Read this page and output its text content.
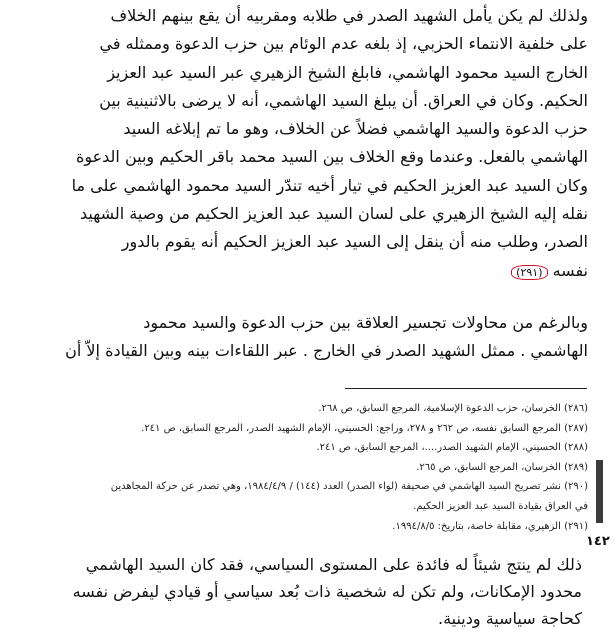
ولذلك لم يكن يأمل الشهيد الصدر في طلابه ومقربيه أن يقع بينهم الخلاف
على خلفية الانتماء الحزبي، إذ بلغه عدم الوئام بين حزب الدعوة وممثله في
الخارج السيد محمود الهاشمي، فابلغ الشيخ الزهيري عبر السيد عبد العزيز
الحكيم. وكان في العراق. أن يبلغ السيد الهاشمي، أنه لا يرضى بالاثنينية بين
حزب الدعوة والسيد الهاشمي فضلاً عن الخلاف، وهو ما تم إبلاغه السيد
الهاشمي بالفعل. وعندما وقع الخلاف بين السيد محمد باقر الحكيم وبين الدعوة
وكان السيد عبد العزيز الحكيم في تيار أخيه تندّر السيد محمود الهاشمي على ما
نقله إليه الشيخ الزهيري على لسان السيد عبد العزيز الحكيم من وصية الشهيد
الصدر، وطلب منه أن ينقل إلى السيد عبد العزيز الحكيم أنه يقوم بالدور
نفسه (٢٩١)
وبالرغم من محاولات تجسير العلاقة بين حزب الدعوة والسيد محمود
الهاشمي . ممثل الشهيد الصدر في الخارج . عبر اللقاءات بينه وبين القيادة إلاّ أن
(٢٨٦) الخرسان، حزب الدعوة الإسلامية، المرجع السابق، ص ٢٦٨.
(٢٨٧) المرجع السابق نفسه، ص ٢٦٢ و ٢٧٨، وراجع: الحسيني، الإمام الشهيد الصدر، المرجع السابق، ص ٢٤١.
(٢٨٨) الحسيني، الإمام الشهيد الصدر....، المرجع السابق، ص ٢٤١.
(٢٨٩) الخرسان، المرجع السابق، ص ٢٦٥.
(٢٩٠) نشر تصريح السيد الهاشمي في صحيفة (لواء الصدر) العدد (١٤٤) / ١٩٨٤/٤/٩، وهي تصدر عن حركة المجاهدين
في العراق بقيادة السيد عبد العزيز الحكيم.
(٢٩١) الزهيري، مقابلة خاصة، بتاريخ: ١٩٩٤/٨/٥.
١٤٢
ذلك لم ينتج شيئاً له فائدة على المستوى السياسي، فقد كان السيد الهاشمي
محدود الإمكانات، ولم تكن له شخصية ذات بُعد سياسي أو قيادي ليفرض نفسه
كحاجة سياسية ودينية.
